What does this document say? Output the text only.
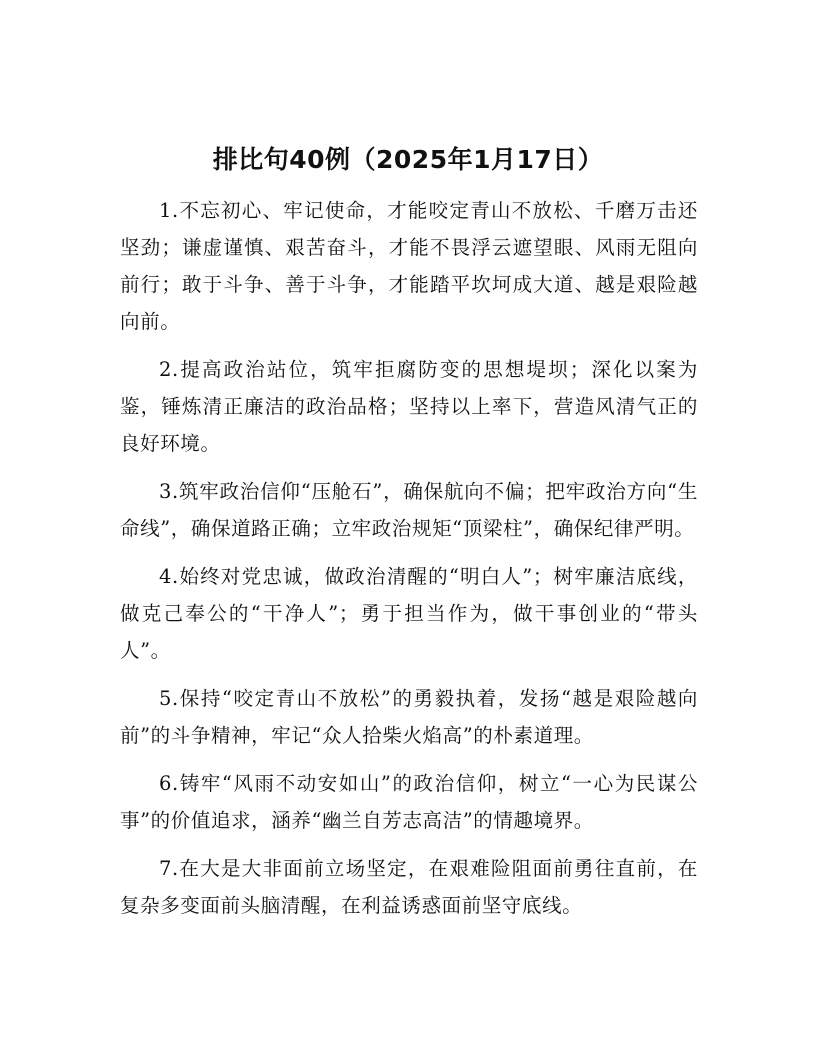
排比句40例（2025年1月17日）

1.不忘初心、牢记使命，才能咬定青山不放松、千磨万击还坚劲；谦虚谨慎、艰苦奋斗，才能不畏浮云遮望眼、风雨无阻向前行；敢于斗争、善于斗争，才能踏平坎坷成大道、越是艰险越向前。

2.提高政治站位，筑牢拒腐防变的思想堤坝；深化以案为鉴，锤炼清正廉洁的政治品格；坚持以上率下，营造风清气正的良好环境。

3.筑牢政治信仰“压舱石”，确保航向不偏；把牢政治方向“生命线”，确保道路正确；立牢政治规矩“顶梁柱”，确保纪律严明。

4.始终对党忠诚，做政治清醒的“明白人”；树牢廉洁底线，做克己奉公的“干净人”；勇于担当作为，做干事创业的“带头人”。

5.保持“咬定青山不放松”的勇毅执着，发扬“越是艰险越向前”的斗争精神，牢记“众人拾柴火焰高”的朴素道理。

6.铸牢“风雨不动安如山”的政治信仰，树立“一心为民谋公事”的价值追求，涵养“幽兰自芳志高洁”的情趣境界。

7.在大是大非面前立场坚定，在艰难险阻面前勇往直前，在复杂多变面前头脑清醒，在利益诱惑面前坚守底线。
